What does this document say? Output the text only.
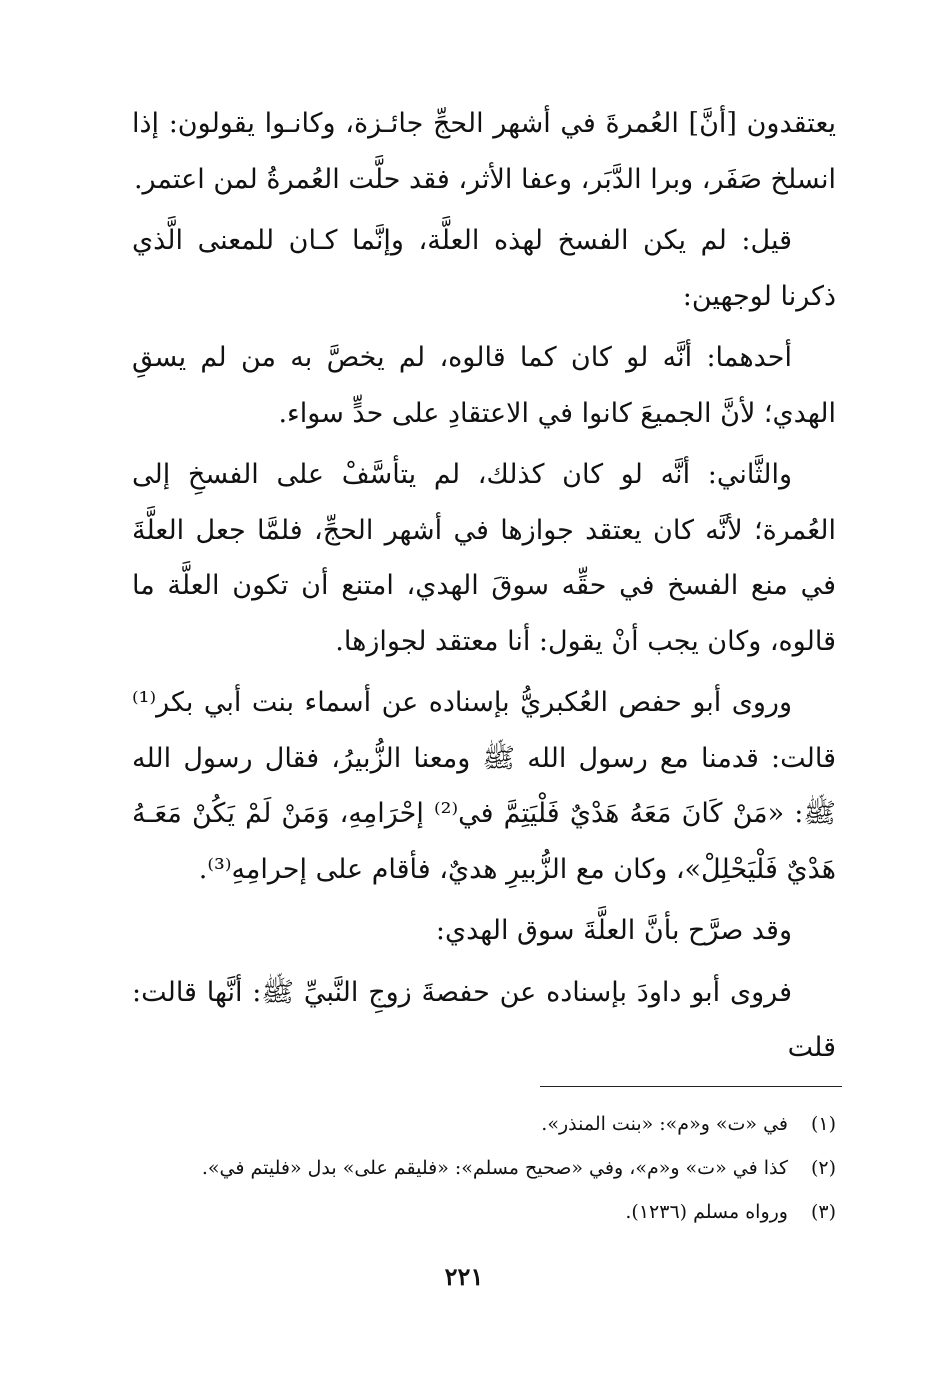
يعتقدون [أنَّ] العُمرةَ في أشهر الحجِّ جائـزة، وكانـوا يقولون: إذا انسلخ صَفَر، وبرا الدَّبَر، وعفا الأثر، فقد حلَّت العُمرةُ لمن اعتمر.

قيل: لم يكن الفسخ لهذه العلَّة، وإنَّما كـان للمعنى الَّذي ذكرنا لوجهين:

أحدهما: أنَّه لو كان كما قالوه، لم يخصَّ به من لم يسقِ الهدي؛ لأنَّ الجميعَ كانوا في الاعتقادِ على حدٍّ سواء.

والثَّاني: أنَّه لو كان كذلك، لم يتأسَّفْ على الفسخِ إلى العُمرة؛ لأنَّه كان يعتقد جوازها في أشهر الحجِّ، فلمَّا جعل العلَّةَ في منع الفسخ في حقِّه سوقَ الهدي، امتنع أن تكون العلَّة ما قالوه، وكان يجب أنْ يقول: أنا معتقد لجوازها.

وروى أبو حفص العُكبريُّ بإسناده عن أسماء بنت أبي بكر⁽¹⁾ قالت: قدمنا مع رسول الله ﷺ ومعنا الزُّبيرُ، فقال رسول الله ﷺ: «مَنْ كَانَ مَعَهُ هَدْيٌ فَلْيَتِمَّ في⁽²⁾ إحْرَامِهِ، وَمَنْ لَمْ يَكُنْ مَعَـهُ هَدْيٌ فَلْيَحْلِلْ»، وكان مع الزُّبيرِ هديٌ، فأقام على إحرامِهِ⁽³⁾.

وقد صرَّح بأنَّ العلَّةَ سوق الهدي:

فروى أبو داودَ بإسناده عن حفصةَ زوجِ النَّبيِّ ﷺ: أنَّها قالت: قلت

(١)
في «ت» و«م»: «بنت المنذر».
(٢)
كذا في «ت» و«م»، وفي «صحيح مسلم»: «فليقم على» بدل «فليتم في».
(٣)
ورواه مسلم (١٢٣٦).
٢٢١
